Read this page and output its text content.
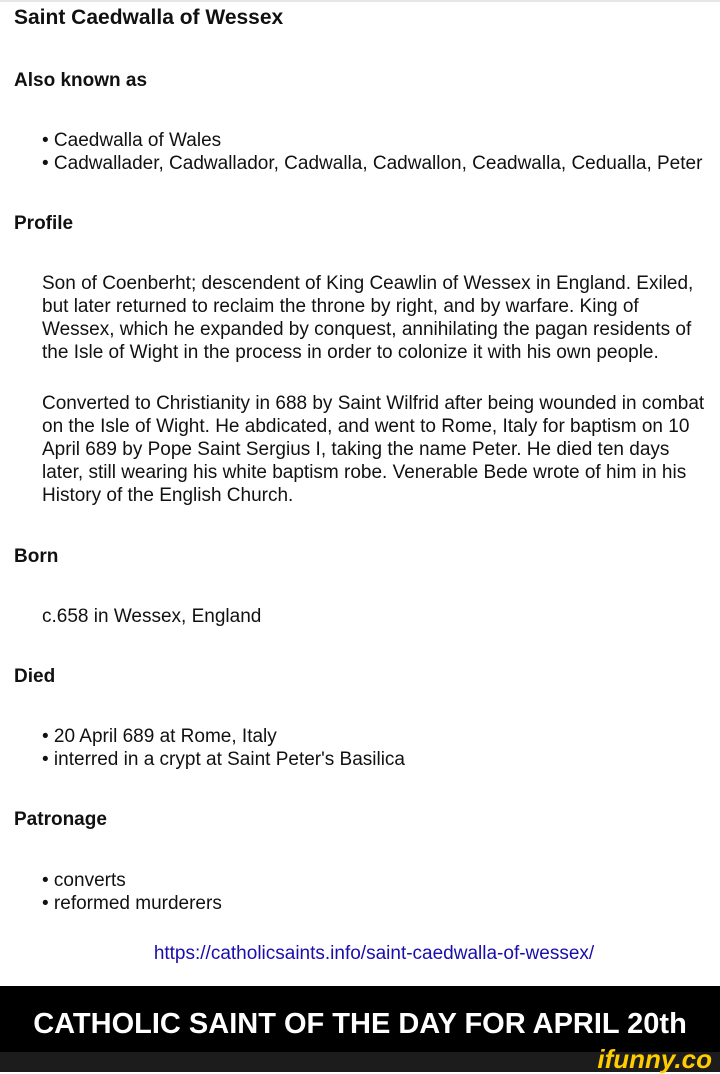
Saint Caedwalla of Wessex
Also known as
• Caedwalla of Wales
• Cadwallader, Cadwallador, Cadwalla, Cadwallon, Ceadwalla, Cedualla, Peter
Profile
Son of Coenberht; descendent of King Ceawlin of Wessex in England. Exiled, but later returned to reclaim the throne by right, and by warfare. King of Wessex, which he expanded by conquest, annihilating the pagan residents of the Isle of Wight in the process in order to colonize it with his own people.
Converted to Christianity in 688 by Saint Wilfrid after being wounded in combat on the Isle of Wight. He abdicated, and went to Rome, Italy for baptism on 10 April 689 by Pope Saint Sergius I, taking the name Peter. He died ten days later, still wearing his white baptism robe. Venerable Bede wrote of him in his History of the English Church.
Born
c.658 in Wessex, England
Died
• 20 April 689 at Rome, Italy
• interred in a crypt at Saint Peter's Basilica
Patronage
• converts
• reformed murderers
https://catholicsaints.info/saint-caedwalla-of-wessex/
CATHOLIC SAINT OF THE DAY FOR APRIL 20th
ifunny.co
